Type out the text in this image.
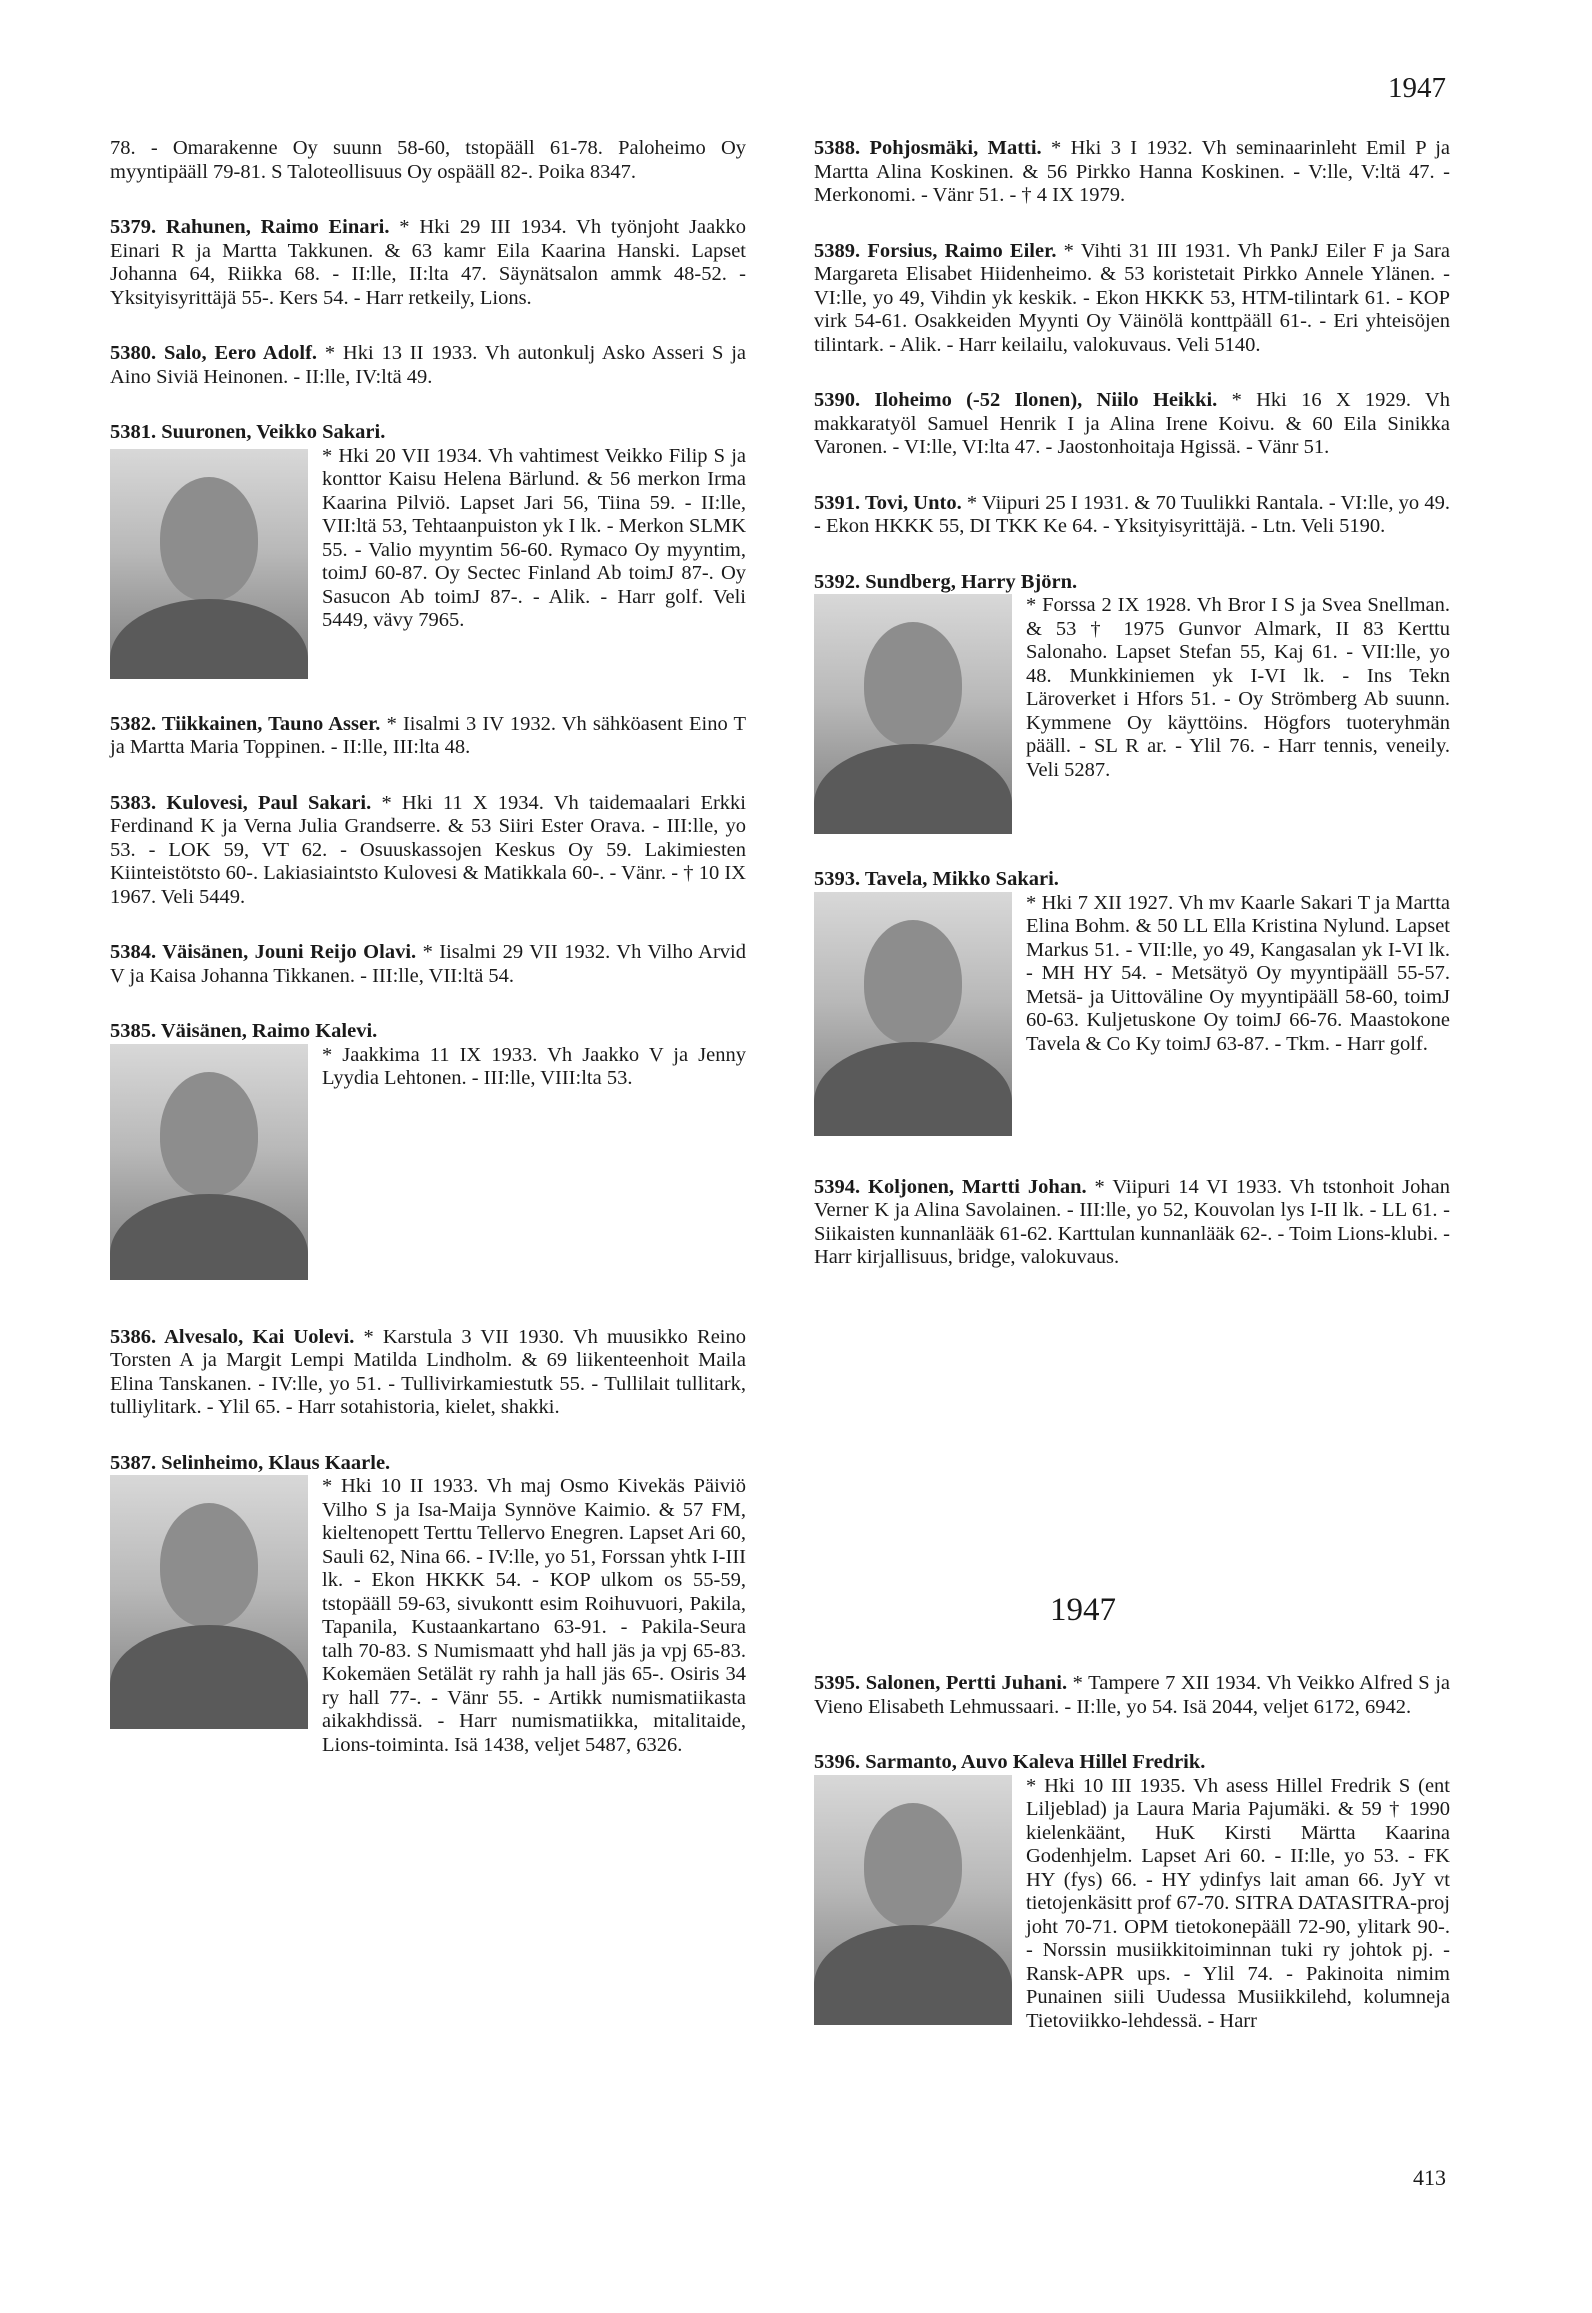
1947

78. - Omarakenne Oy suunn 58-60, tstopääll 61-78. Paloheimo Oy myyntipääll 79-81. S Taloteollisuus Oy ospääll 82-. Poika 8347.

5379. Rahunen, Raimo Einari. * Hki 29 III 1934. Vh työnjoht Jaakko Einari R ja Martta Takkunen. & 63 kamr Eila Kaarina Hanski. Lapset Johanna 64, Riikka 68. - II:lle, II:lta 47. Säynätsalon ammk 48-52. - Yksityisyrittäjä 55-. Kers 54. - Harr retkeily, Lions.

5380. Salo, Eero Adolf. * Hki 13 II 1933. Vh autonkulj Asko Asseri S ja Aino Siviä Heinonen. - II:lle, IV:ltä 49.

5381. Suuronen, Veikko Sakari.
* Hki 20 VII 1934. Vh vahtimest Veikko Filip S ja konttor Kaisu Helena Bärlund. & 56 merkon Irma Kaarina Pilviö. Lapset Jari 56, Tiina 59. - II:lle, VII:ltä 53, Tehtaanpuiston yk I lk. - Merkon SLMK 55. - Valio myyntim 56-60. Rymaco Oy myyntim, toimJ 60-87. Oy Sectec Finland Ab toimJ 87-. Oy Sasucon Ab toimJ 87-. - Alik. - Harr golf. Veli 5449, vävy 7965.

5382. Tiikkainen, Tauno Asser. * Iisalmi 3 IV 1932. Vh sähköasent Eino T ja Martta Maria Toppinen. - II:lle, III:lta 48.

5383. Kulovesi, Paul Sakari. * Hki 11 X 1934. Vh taidemaalari Erkki Ferdinand K ja Verna Julia Grandserre. & 53 Siiri Ester Orava. - III:lle, yo 53. - LOK 59, VT 62. - Osuuskassojen Keskus Oy 59. Lakimiesten Kiinteistötsto 60-. Lakiasiaintsto Kulovesi & Matikkala 60-. - Vänr. - † 10 IX 1967. Veli 5449.

5384. Väisänen, Jouni Reijo Olavi. * Iisalmi 29 VII 1932. Vh Vilho Arvid V ja Kaisa Johanna Tikkanen. - III:lle, VII:ltä 54.

5385. Väisänen, Raimo Kalevi.
* Jaakkima 11 IX 1933. Vh Jaakko V ja Jenny Lyydia Lehtonen. - III:lle, VIII:lta 53.

5386. Alvesalo, Kai Uolevi. * Karstula 3 VII 1930. Vh muusikko Reino Torsten A ja Margit Lempi Matilda Lindholm. & 69 liikenteenhoit Maila Elina Tanskanen. - IV:lle, yo 51. - Tullivirkamiestutk 55. - Tullilait tullitark, tulliylitark. - Ylil 65. - Harr sotahistoria, kielet, shakki.

5387. Selinheimo, Klaus Kaarle.
* Hki 10 II 1933. Vh maj Osmo Kivekäs Päiviö Vilho S ja Isa-Maija Synnöve Kaimio. & 57 FM, kieltenopett Terttu Tellervo Enegren. Lapset Ari 60, Sauli 62, Nina 66. - IV:lle, yo 51, Forssan yhtk I-III lk. - Ekon HKKK 54. - KOP ulkom os 55-59, tstopääll 59-63, sivukontt esim Roihuvuori, Pakila, Tapanila, Kustaankartano 63-91. - Pakila-Seura talh 70-83. S Numismaatt yhd hall jäs ja vpj 65-83. Kokemäen Setälät ry rahh ja hall jäs 65-. Osiris 34 ry hall 77-. - Vänr 55. - Artikk numismatiikasta aikakhdissä. - Harr numismatiikka, mitalitaide, Lions-toiminta. Isä 1438, veljet 5487, 6326.

5388. Pohjosmäki, Matti. * Hki 3 I 1932. Vh seminaarinleht Emil P ja Martta Alina Koskinen. & 56 Pirkko Hanna Koskinen. - V:lle, V:ltä 47. - Merkonomi. - Vänr 51. - † 4 IX 1979.

5389. Forsius, Raimo Eiler. * Vihti 31 III 1931. Vh PankJ Eiler F ja Sara Margareta Elisabet Hiidenheimo. & 53 koristetait Pirkko Annele Ylänen. - VI:lle, yo 49, Vihdin yk keskik. - Ekon HKKK 53, HTM-tilintark 61. - KOP virk 54-61. Osakkeiden Myynti Oy Väinölä konttpääll 61-. - Eri yhteisöjen tilintark. - Alik. - Harr keilailu, valokuvaus. Veli 5140.

5390. Iloheimo (-52 Ilonen), Niilo Heikki. * Hki 16 X 1929. Vh makkaratyöl Samuel Henrik I ja Alina Irene Koivu. & 60 Eila Sinikka Varonen. - VI:lle, VI:lta 47. - Jaostonhoitaja Hgissä. - Vänr 51.

5391. Tovi, Unto. * Viipuri 25 I 1931. & 70 Tuulikki Rantala. - VI:lle, yo 49. - Ekon HKKK 55, DI TKK Ke 64. - Yksityisyrittäjä. - Ltn. Veli 5190.

5392. Sundberg, Harry Björn.
* Forssa 2 IX 1928. Vh Bror I S ja Svea Snellman. & 53 † 1975 Gunvor Almark, II 83 Kerttu Salonaho. Lapset Stefan 55, Kaj 61. - VII:lle, yo 48. Munkkiniemen yk I-VI lk. - Ins Tekn Läroverket i Hfors 51. - Oy Strömberg Ab suunn. Kymmene Oy käyttöins. Högfors tuoteryhmän pääll. - SL R ar. - Ylil 76. - Harr tennis, veneily. Veli 5287.
5393. Tavela, Mikko Sakari.
* Hki 7 XII 1927. Vh mv Kaarle Sakari T ja Martta Elina Bohm. & 50 LL Ella Kristina Nylund. Lapset Markus 51. - VII:lle, yo 49, Kangasalan yk I-VI lk. - MH HY 54. - Metsätyö Oy myyntipääll 55-57. Metsä- ja Uittoväline Oy myyntipääll 58-60, toimJ 60-63. Kuljetuskone Oy toimJ 66-76. Maastokone Tavela & Co Ky toimJ 63-87. - Tkm. - Harr golf.

5394. Koljonen, Martti Johan. * Viipuri 14 VI 1933. Vh tstonhoit Johan Verner K ja Alina Savolainen. - III:lle, yo 52, Kouvolan lys I-II lk. - LL 61. - Siikaisten kunnanlääk 61-62. Karttulan kunnanlääk 62-. - Toim Lions-klubi. - Harr kirjallisuus, bridge, valokuvaus.

1947

5395. Salonen, Pertti Juhani. * Tampere 7 XII 1934. Vh Veikko Alfred S ja Vieno Elisabeth Lehmussaari. - II:lle, yo 54. Isä 2044, veljet 6172, 6942.

5396. Sarmanto, Auvo Kaleva Hillel Fredrik.
* Hki 10 III 1935. Vh asess Hillel Fredrik S (ent Liljeblad) ja Laura Maria Pajumäki. & 59 † 1990 kielenkäänt, HuK Kirsti Märtta Kaarina Godenhjelm. Lapset Ari 60. - II:lle, yo 53. - FK HY (fys) 66. - HY ydinfys lait aman 66. JyY vt tietojenkäsitt prof 67-70. SITRA DATASITRA-proj joht 70-71. OPM tietokonepääll 72-90, ylitark 90-. - Norssin musiikkitoiminnan tuki ry johtok pj. - Ransk-APR ups. - Ylil 74. - Pakinoita nimim Punainen siili Uudessa Musiikkilehd, kolumneja Tietoviikko-lehdessä. - Harr
413
